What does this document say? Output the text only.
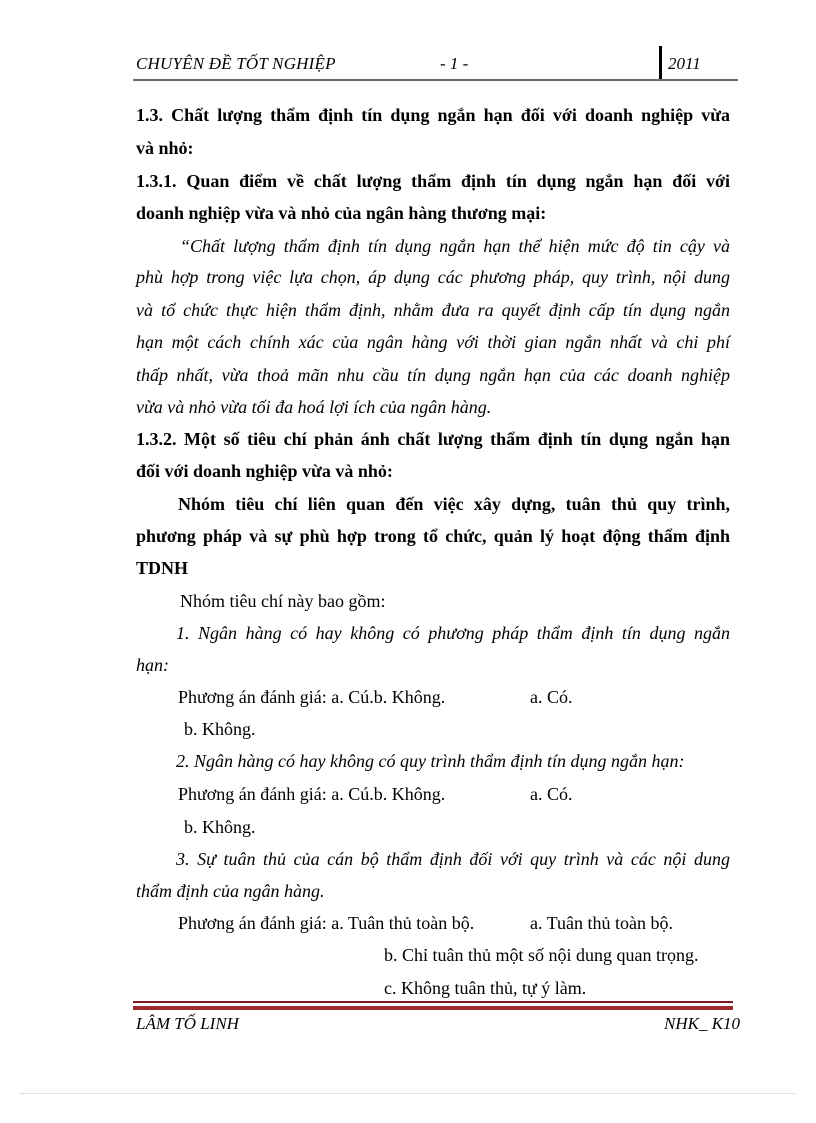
CHUYÊN ĐỀ TỐT NGHIỆP	- 1 -	2011
1.3. Chất lượng thẩm định tín dụng ngắn hạn đối với doanh nghiệp vừa
và nhỏ:
1.3.1. Quan điểm về chất lượng thẩm định tín dụng ngắn hạn đối với
doanh nghiệp vừa và nhỏ của ngân hàng thương mại:
“Chất lượng thẩm định tín dụng ngắn hạn thể hiện mức độ tin cậy và
phù hợp trong việc lựa chọn, áp dụng các phương pháp, quy trình, nội dung
và tổ chức thực hiện thẩm định, nhằm đưa ra quyết định cấp tín dụng ngắn
hạn một cách chính xác của ngân hàng với thời gian ngắn nhất và chi phí
thấp nhất, vừa thoả mãn nhu cầu tín dụng ngắn hạn của các doanh nghiệp
vừa và nhỏ vừa tối đa hoá lợi ích của ngân hàng.
1.3.2. Một số tiêu chí phản ánh chất lượng thẩm định tín dụng ngắn hạn
đối với doanh nghiệp vừa và nhỏ:
Nhóm tiêu chí liên quan đến việc xây dựng, tuân thủ quy trình,
phương pháp và sự phù hợp trong tổ chức, quản lý hoạt động thẩm định
TDNH
Nhóm tiêu chí này bao gồm:
1. Ngân hàng có hay không có phương pháp thẩm định tín dụng ngắn
hạn:
Phương án đánh giá: a. Cú.b. Không.	a. Có.
b. Không.
2. Ngân hàng có hay không có quy trình thẩm định tín dụng ngắn hạn:
Phương án đánh giá: a. Cú.b. Không.	a. Có.
b. Không.
3. Sự tuân thủ của cán bộ thẩm định đối với quy trình và các nội dung
thẩm định của ngân hàng.
Phương án đánh giá: a. Tuân thủ toàn bộ.	a. Tuân thủ toàn bộ.
b. Chỉ tuân thủ một số nội dung quan trọng.
c. Không tuân thủ, tự ý làm.
LÂM TỐ LINH	NHK_ K10
